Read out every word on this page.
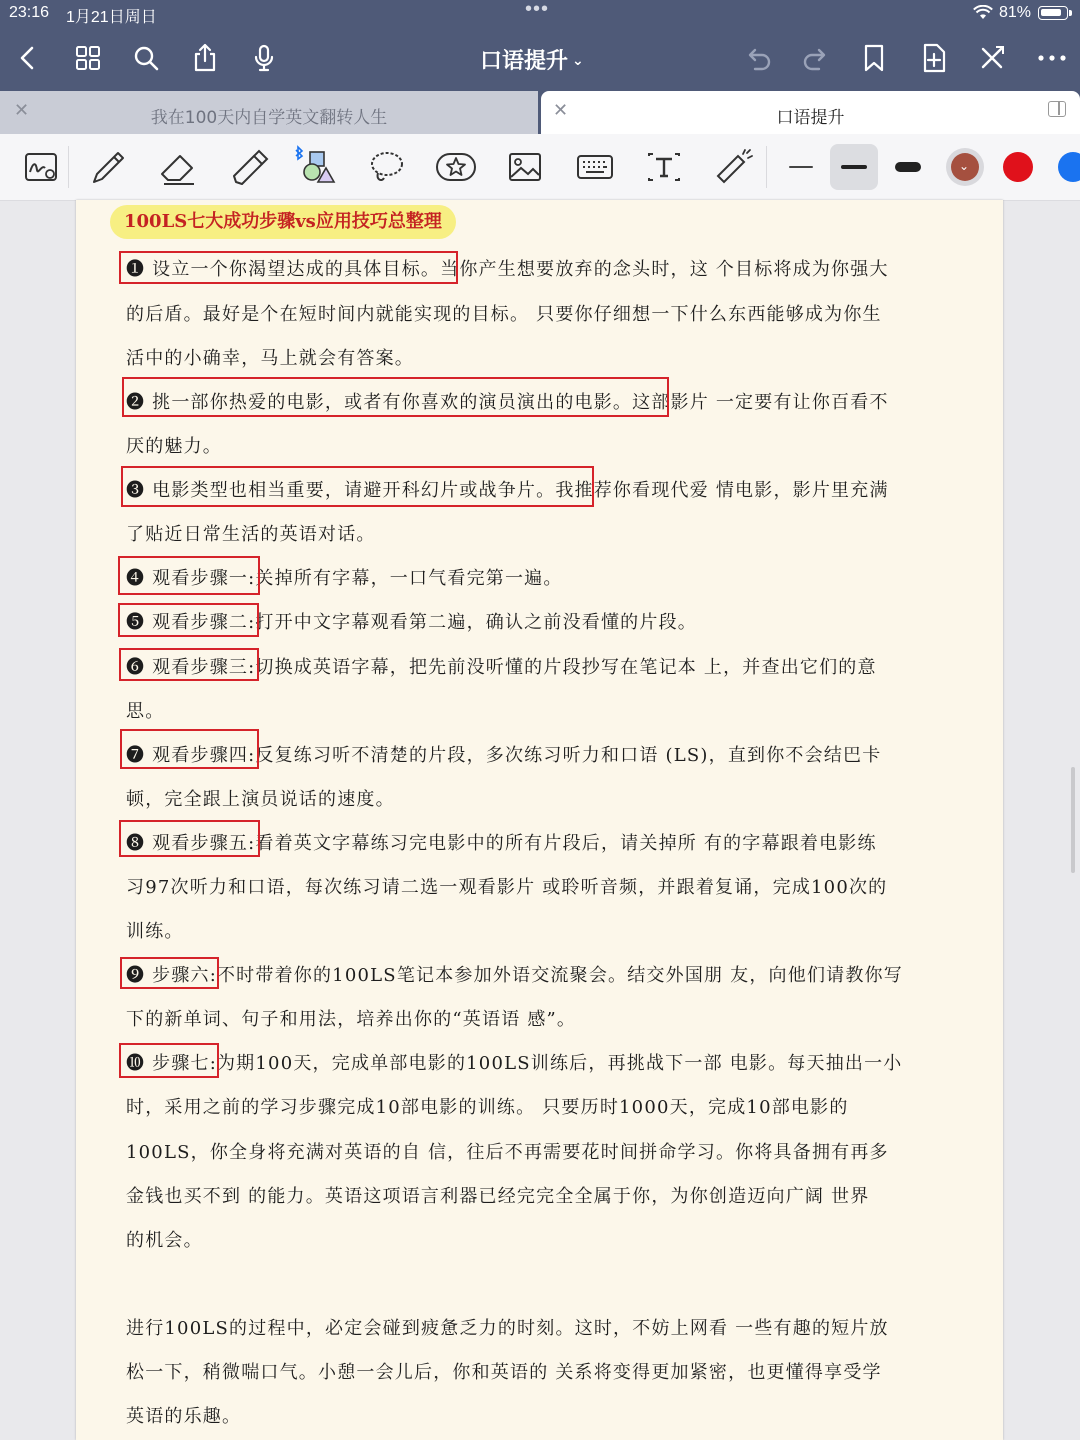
23:16 1月21日周日	•••	81%
口语提升 ⌄
✕	我在100天内自学英文翻转人生	✕	口语提升
⌄
100LS七大成功步骤vs应用技巧总整理
❶ 设立一个你渴望达成的具体目标。当你产生想要放弃的念头时，这 个目标将成为你强大
的后盾。最好是个在短时间内就能实现的目标。 只要你仔细想一下什么东西能够成为你生
活中的小确幸，马上就会有答案。
❷ 挑一部你热爱的电影，或者有你喜欢的演员演出的电影。这部影片 一定要有让你百看不
厌的魅力。
❸ 电影类型也相当重要，请避开科幻片或战争片。我推荐你看现代爱 情电影，影片里充满
了贴近日常生活的英语对话。
❹ 观看步骤一:关掉所有字幕，一口气看完第一遍。
❺ 观看步骤二:打开中文字幕观看第二遍，确认之前没看懂的片段。
❻ 观看步骤三:切换成英语字幕，把先前没听懂的片段抄写在笔记本 上，并查出它们的意
思。
❼ 观看步骤四:反复练习听不清楚的片段，多次练习听力和口语 (LS)，直到你不会结巴卡
顿，完全跟上演员说话的速度。
❽ 观看步骤五:看着英文字幕练习完电影中的所有片段后，请关掉所 有的字幕跟着电影练
习97次听力和口语，每次练习请二选一观看影片 或聆听音频，并跟着复诵，完成100次的
训练。
❾ 步骤六:不时带着你的100LS笔记本参加外语交流聚会。结交外国朋 友，向他们请教你写
下的新单词、句子和用法，培养出你的“英语语 感”。
❿ 步骤七:为期100天，完成单部电影的100LS训练后，再挑战下一部 电影。每天抽出一小
时，采用之前的学习步骤完成10部电影的训练。 只要历时1000天，完成10部电影的
100LS，你全身将充满对英语的自 信，往后不再需要花时间拼命学习。你将具备拥有再多
金钱也买不到 的能力。英语这项语言利器已经完完全全属于你，为你创造迈向广阔 世界
的机会。
进行100LS的过程中，必定会碰到疲惫乏力的时刻。这时，不妨上网看 一些有趣的短片放
松一下，稍微喘口气。小憩一会儿后，你和英语的 关系将变得更加紧密，也更懂得享受学
英语的乐趣。
